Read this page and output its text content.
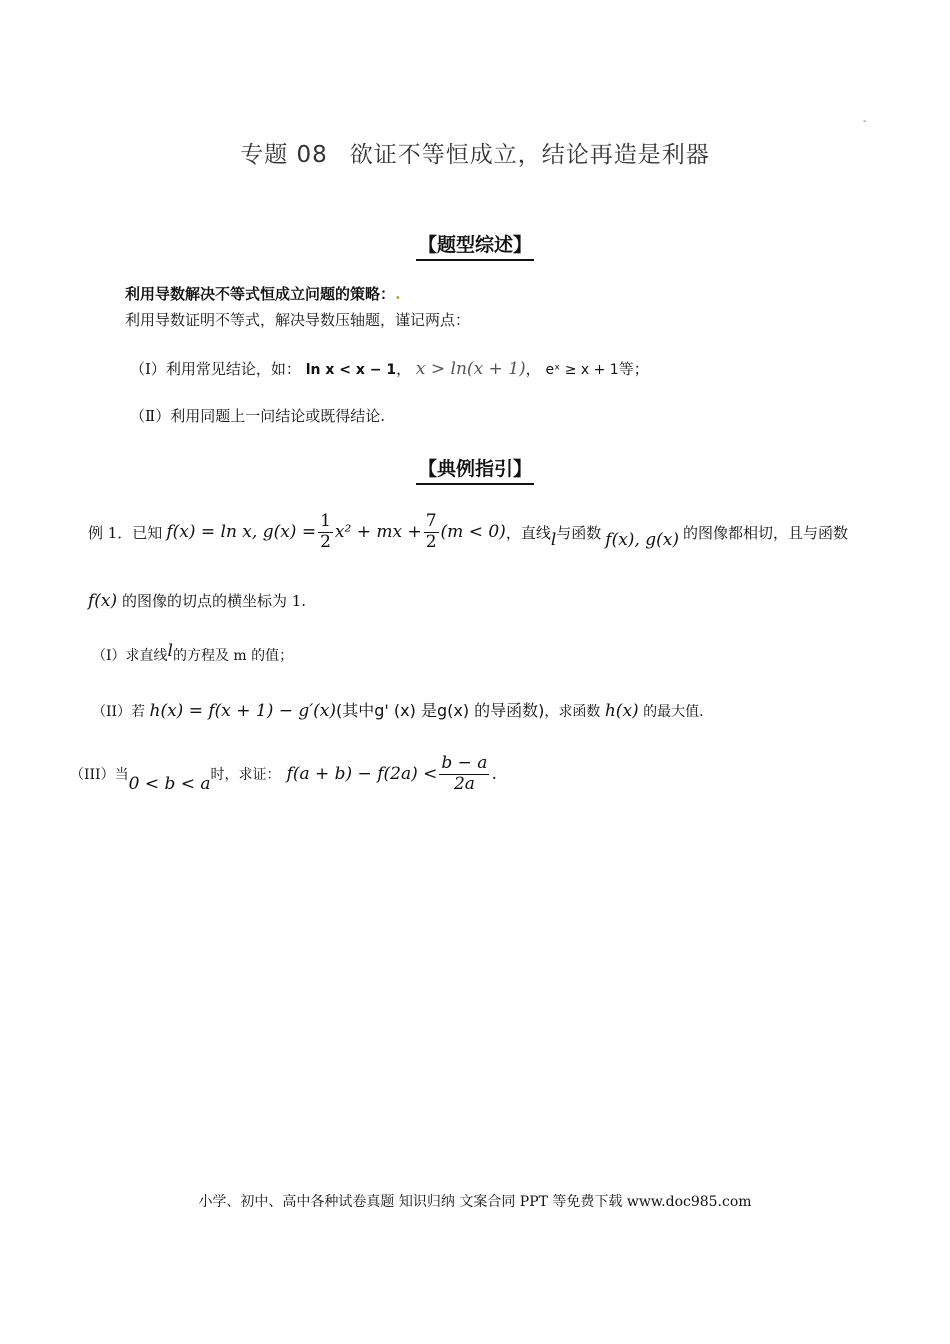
-
专题 08 欲证不等恒成立，结论再造是利器
【题型综述】
利用导数解决不等式恒成立问题的策略：.
利用导数证明不等式，解决导数压轴题，谨记两点：
（Ⅰ）利用常见结论，如： ln x < x − 1， x > ln(x + 1)， eˣ ≥ x + 1等；
（Ⅱ）利用同题上一问结论或既得结论.
【典例指引】
例 1．已知 f(x) = ln x, $g(x) = \frac{1}{2} x^2$ + mx + $\frac{7}{2} (m < 0)$ ，直线 l 与函数 f(x), g(x) 的图像都相切，且与函数
f(x) 的图像的切点的横坐标为 1.
（I）求直线l的方程及 m 的值；
（II）若 h(x) = f(x + 1) − g′(x)(其中g' (x) 是g(x) 的导函数)，求函数 h(x) 的最大值.
（III）当 0 < b < a 时，求证： $f(a + b) - f(2a) < \frac{b - a}{2a}$ .
小学、初中、高中各种试卷真题 知识归纳 文案合同 PPT 等免费下载 www.doc985.com
